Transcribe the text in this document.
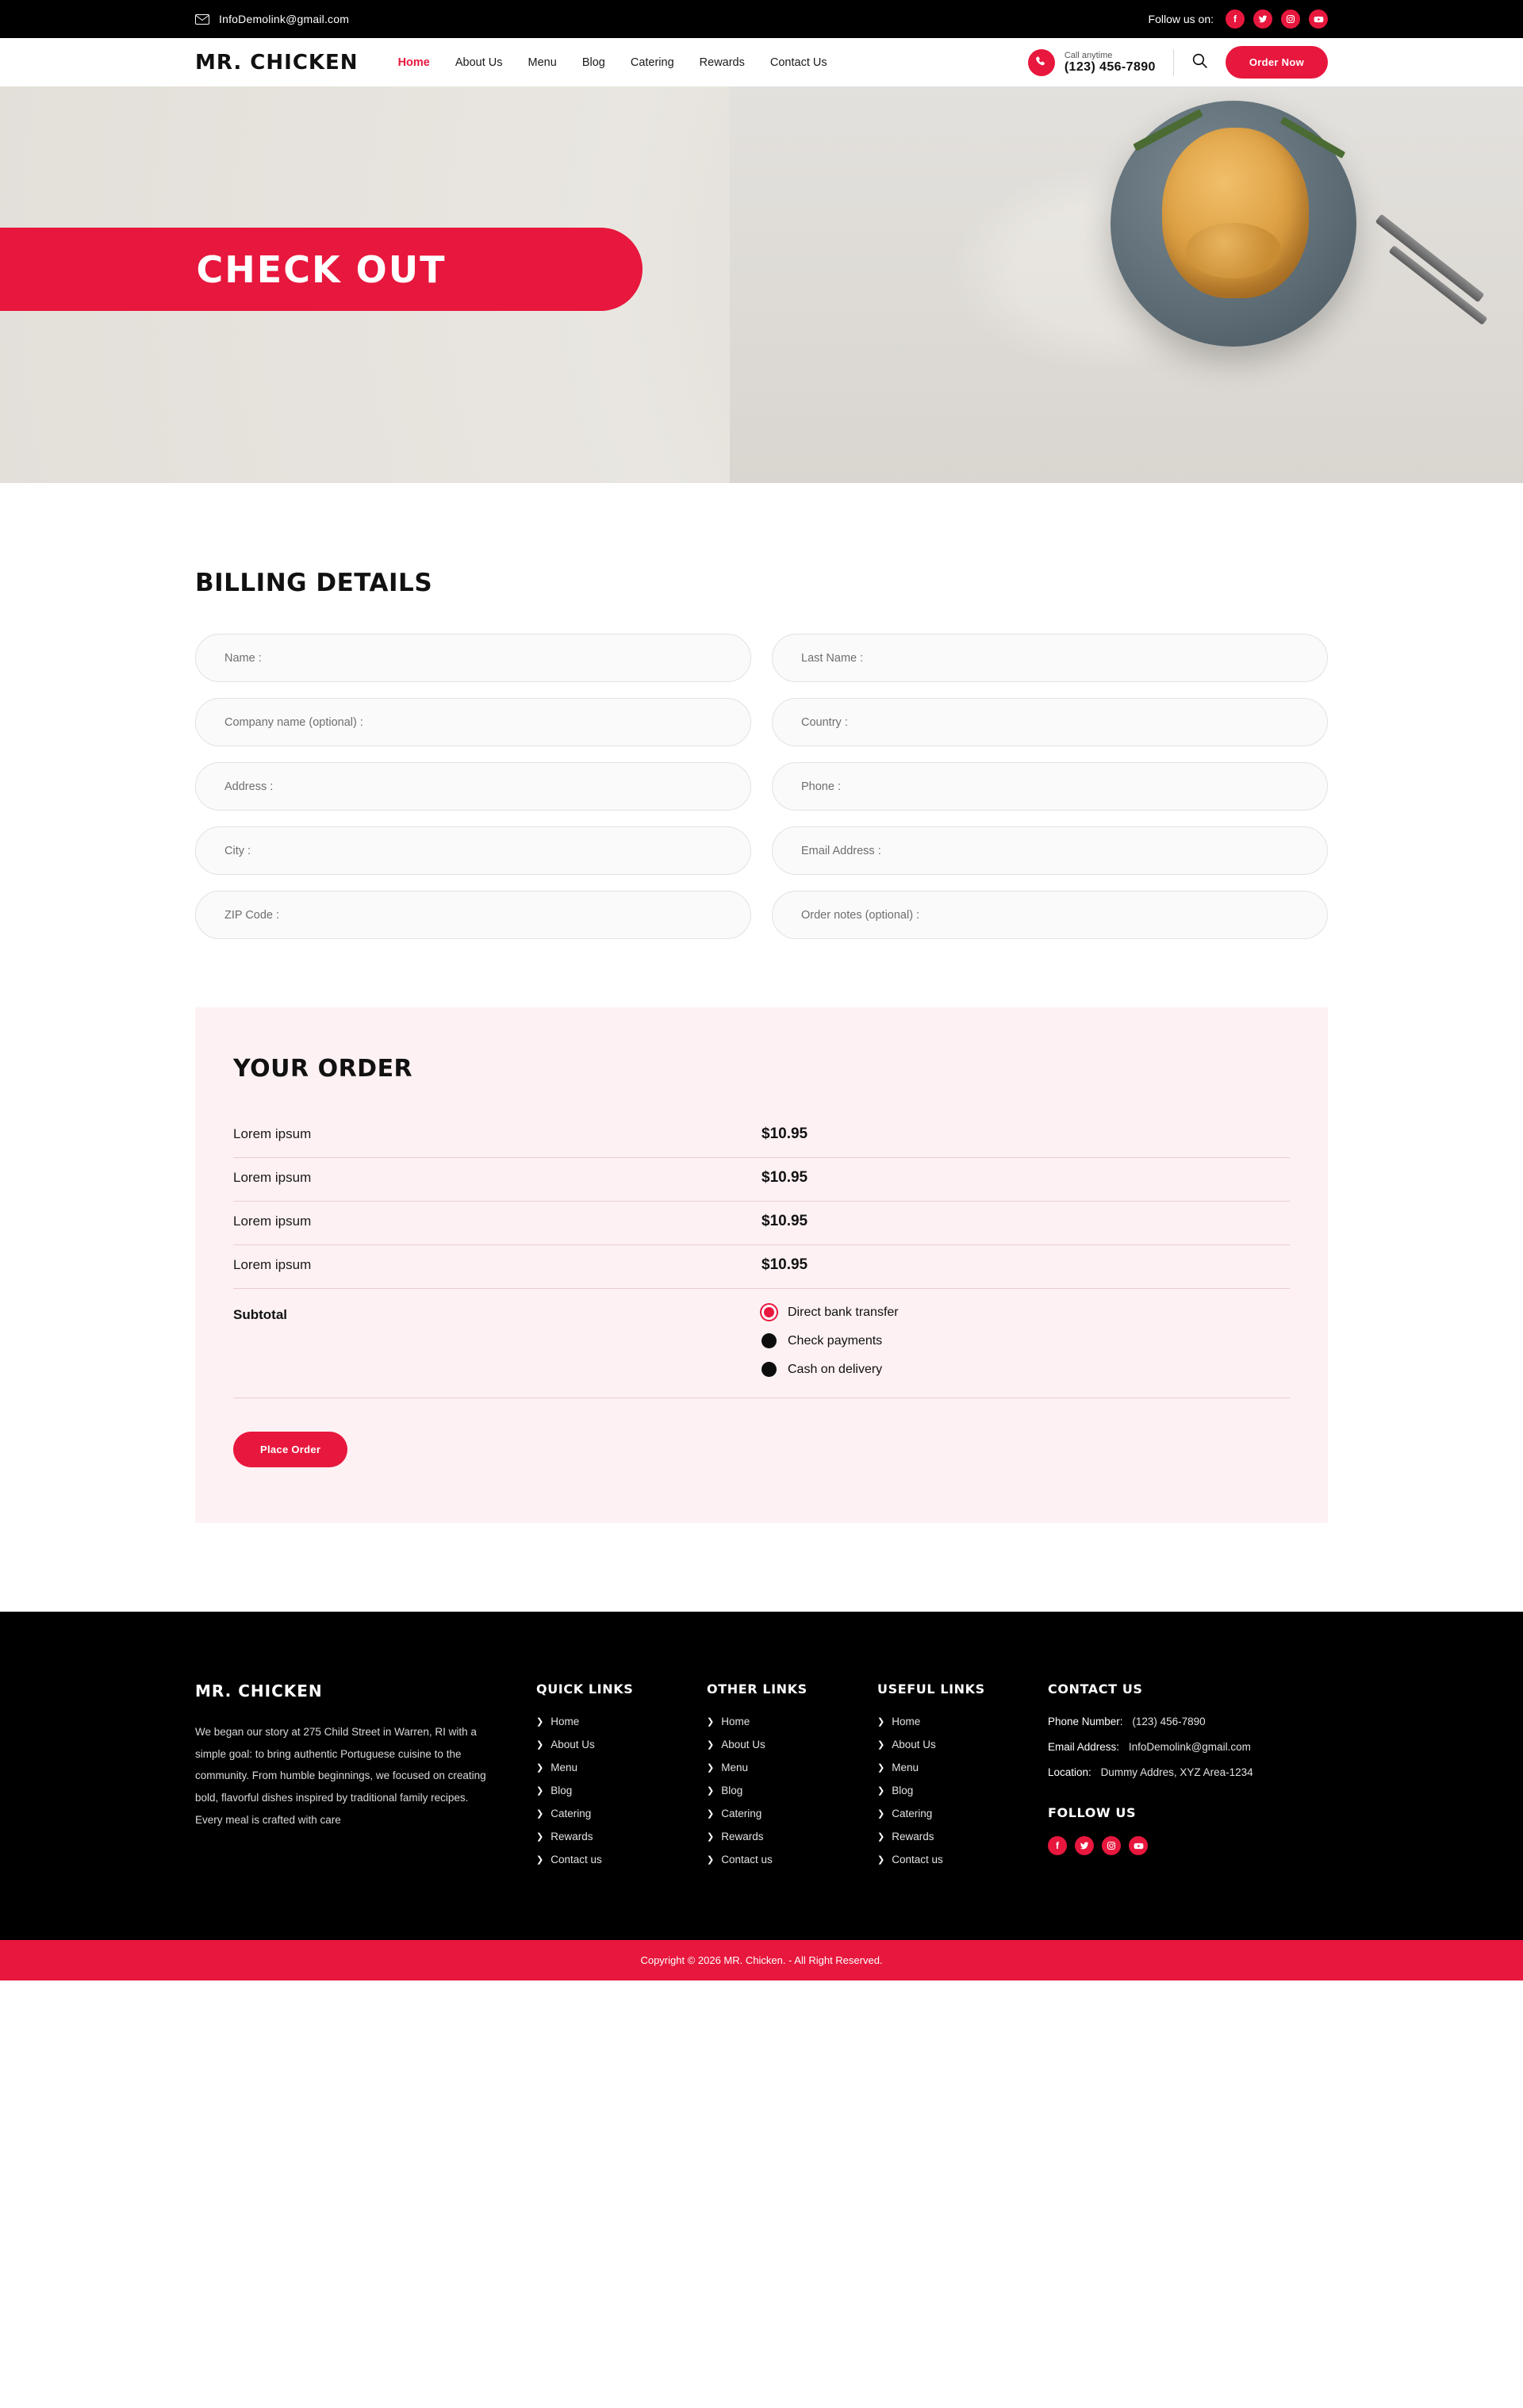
InfoDemolink@gmail.com	Follow us on:	f
MR. CHICKEN	Home About Us Menu Blog Catering Rewards Contact Us
Call anytime
(123) 456-7890	Order Now
CHECK OUT
BILLING DETAILS
Name :
Last Name :
Company name (optional) :
Country :
Address :
Phone :
City :
Email Address :
ZIP Code :
Order notes (optional) :
YOUR ORDER
Lorem ipsum	$10.95
Lorem ipsum	$10.95
Lorem ipsum	$10.95
Lorem ipsum	$10.95
Subtotal	Direct bank transfer
Check payments
Cash on delivery
Place Order
MR. CHICKEN
We began our story at 275 Child Street in Warren, RI with a simple goal: to bring authentic Portuguese cuisine to the community. From humble beginnings, we focused on creating bold, flavorful dishes inspired by traditional family recipes. Every meal is crafted with care
QUICK LINKS
❯ Home
❯ About Us
❯ Menu
❯ Blog
❯ Catering
❯ Rewards
❯ Contact us
OTHER LINKS
❯ Home
❯ About Us
❯ Menu
❯ Blog
❯ Catering
❯ Rewards
❯ Contact us
USEFUL LINKS
❯ Home
❯ About Us
❯ Menu
❯ Blog
❯ Catering
❯ Rewards
❯ Contact us
CONTACT US
Phone Number: (123) 456-7890
Email Address: InfoDemolink@gmail.com
Location: Dummy Addres, XYZ Area-1234
FOLLOW US
f
Copyright © 2026 MR. Chicken. - All Right Reserved.
